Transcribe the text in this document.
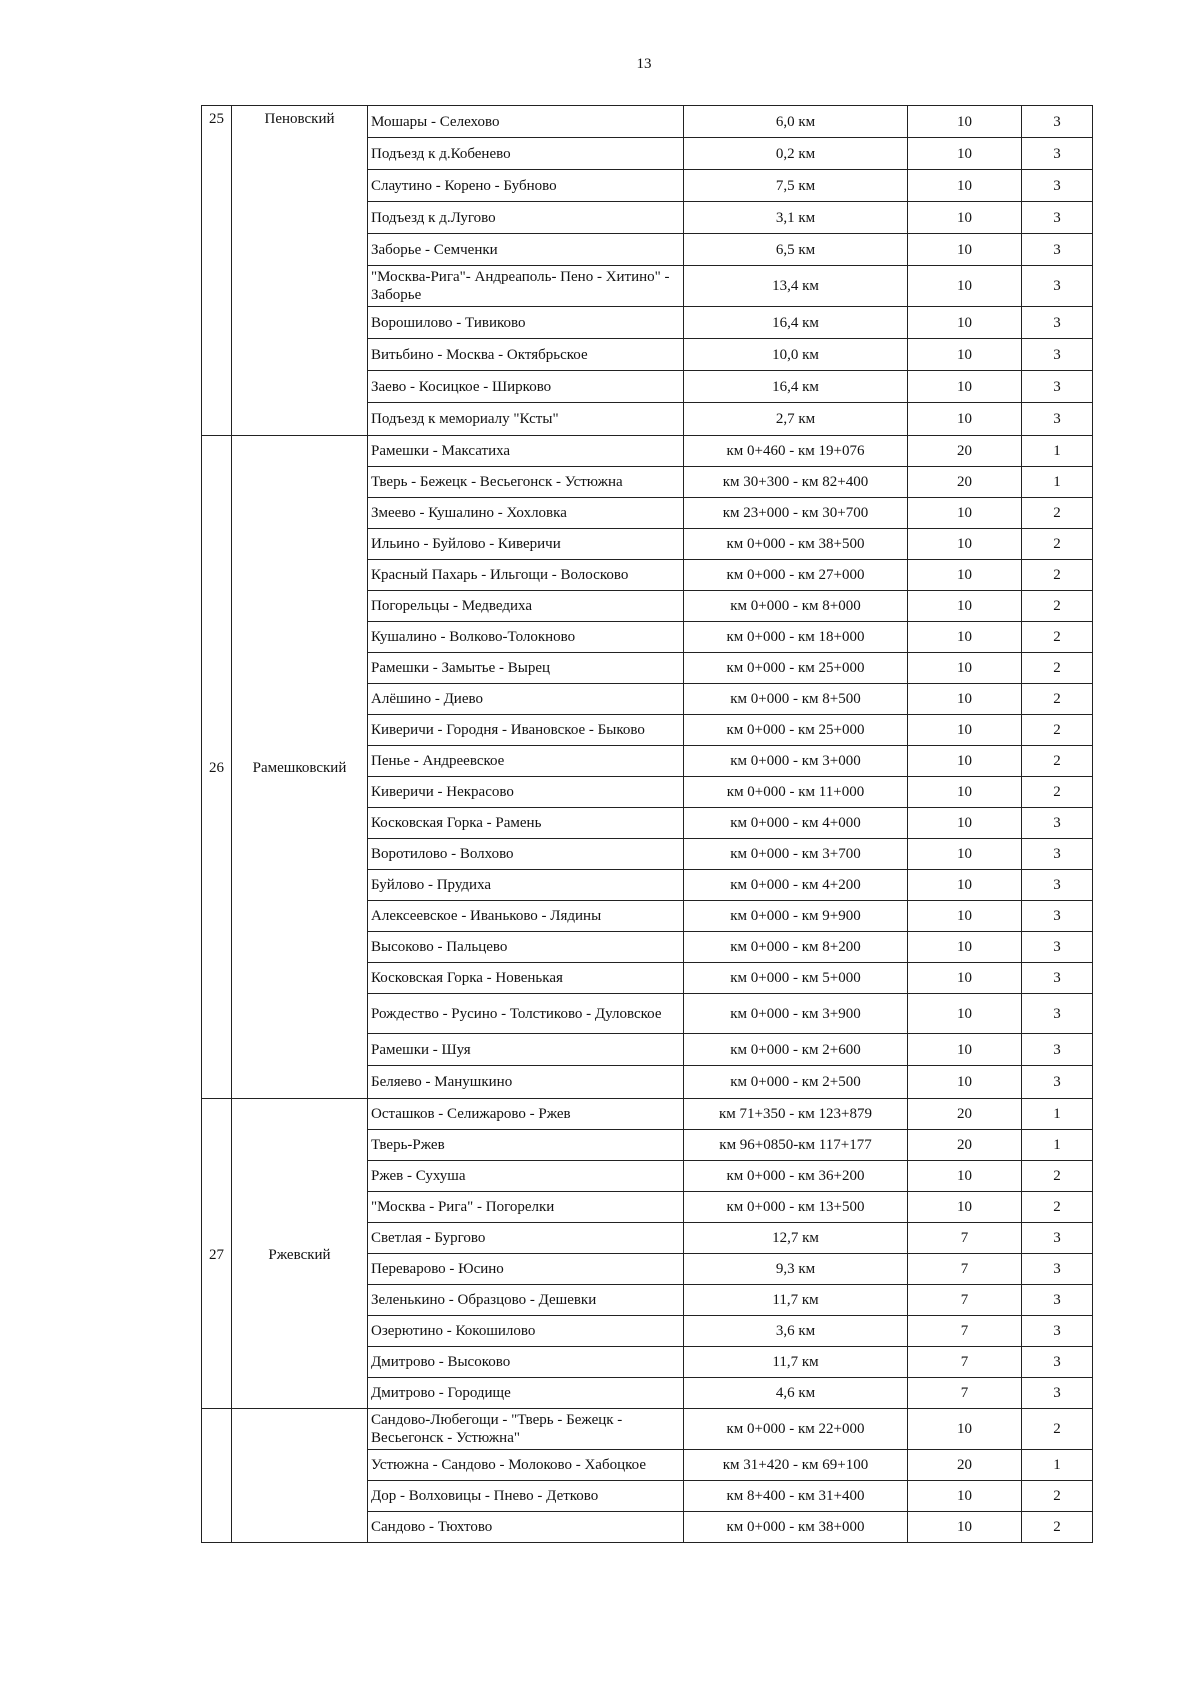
13
25	Пеновский	Мошары - Селехово	6,0 км	10	3
		Подъезд к д.Кобенево	0,2 км	10	3
		Слаутино - Корено - Бубново	7,5 км	10	3
		Подъезд к д.Лугово	3,1 км	10	3
		Заборье - Семченки	6,5 км	10	3
		"Москва-Рига"- Андреаполь- Пено - Хитино" - Заборье	13,4 км	10	3
		Ворошилово - Тивиково	16,4 км	10	3
		Витьбино - Москва - Октябрьское	10,0 км	10	3
		Заево - Косицкое - Ширково	16,4 км	10	3
		Подъезд к мемориалу "Ксты"	2,7 км	10	3
26	Рамешковский	Рамешки - Максатиха	км 0+460 - км 19+076	20	1
		Тверь - Бежецк - Весьегонск - Устюжна	км 30+300 - км 82+400	20	1
		Змеево - Кушалино - Хохловка	км 23+000 - км 30+700	10	2
		Ильино - Буйлово - Киверичи	км 0+000 - км 38+500	10	2
		Красный Пахарь - Ильгощи - Волосково	км 0+000 - км 27+000	10	2
		Погорельцы - Медведиха	км 0+000 - км 8+000	10	2
		Кушалино - Волково-Толокново	км 0+000 - км 18+000	10	2
		Рамешки - Замытье - Вырец	км 0+000 - км 25+000	10	2
		Алёшино - Диево	км 0+000 - км 8+500	10	2
		Киверичи - Городня - Ивановское - Быково	км 0+000 - км 25+000	10	2
		Пенье - Андреевское	км 0+000 - км 3+000	10	2
		Киверичи - Некрасово	км 0+000 - км 11+000	10	2
		Косковская Горка - Рамень	км 0+000 - км 4+000	10	3
		Воротилово - Волхово	км 0+000 - км 3+700	10	3
		Буйлово - Прудиха	км 0+000 - км 4+200	10	3
		Алексеевское - Иваньково - Лядины	км 0+000 - км 9+900	10	3
		Высоково - Пальцево	км 0+000 - км 8+200	10	3
		Косковская Горка - Новенькая	км 0+000 - км 5+000	10	3
		Рождество - Русино - Толстиково - Дуловское	км 0+000 - км 3+900	10	3
		Рамешки - Шуя	км 0+000 - км 2+600	10	3
		Беляево - Манушкино	км 0+000 - км 2+500	10	3
27	Ржевский	Осташков - Селижарово - Ржев	км 71+350 - км 123+879	20	1
		Тверь-Ржев	км 96+0850-км 117+177	20	1
		Ржев - Сухуша	км 0+000 - км 36+200	10	2
		"Москва - Рига" - Погорелки	км 0+000 - км 13+500	10	2
		Светлая - Бургово	12,7 км	7	3
		Переварово - Юсино	9,3 км	7	3
		Зеленькино - Образцово - Дешевки	11,7 км	7	3
		Озерютино - Кокошилово	3,6 км	7	3
		Дмитрово - Высоково	11,7 км	7	3
		Дмитрово - Городище	4,6 км	7	3
		Сандово-Любегощи - "Тверь - Бежецк - Весьегонск - Устюжна"	км 0+000 - км 22+000	10	2
		Устюжна - Сандово - Молоково - Хабоцкое	км 31+420 - км 69+100	20	1
		Дор - Волховицы - Пнево - Детково	км 8+400 - км 31+400	10	2
		Сандово - Тюхтово	км 0+000 - км 38+000	10	2
